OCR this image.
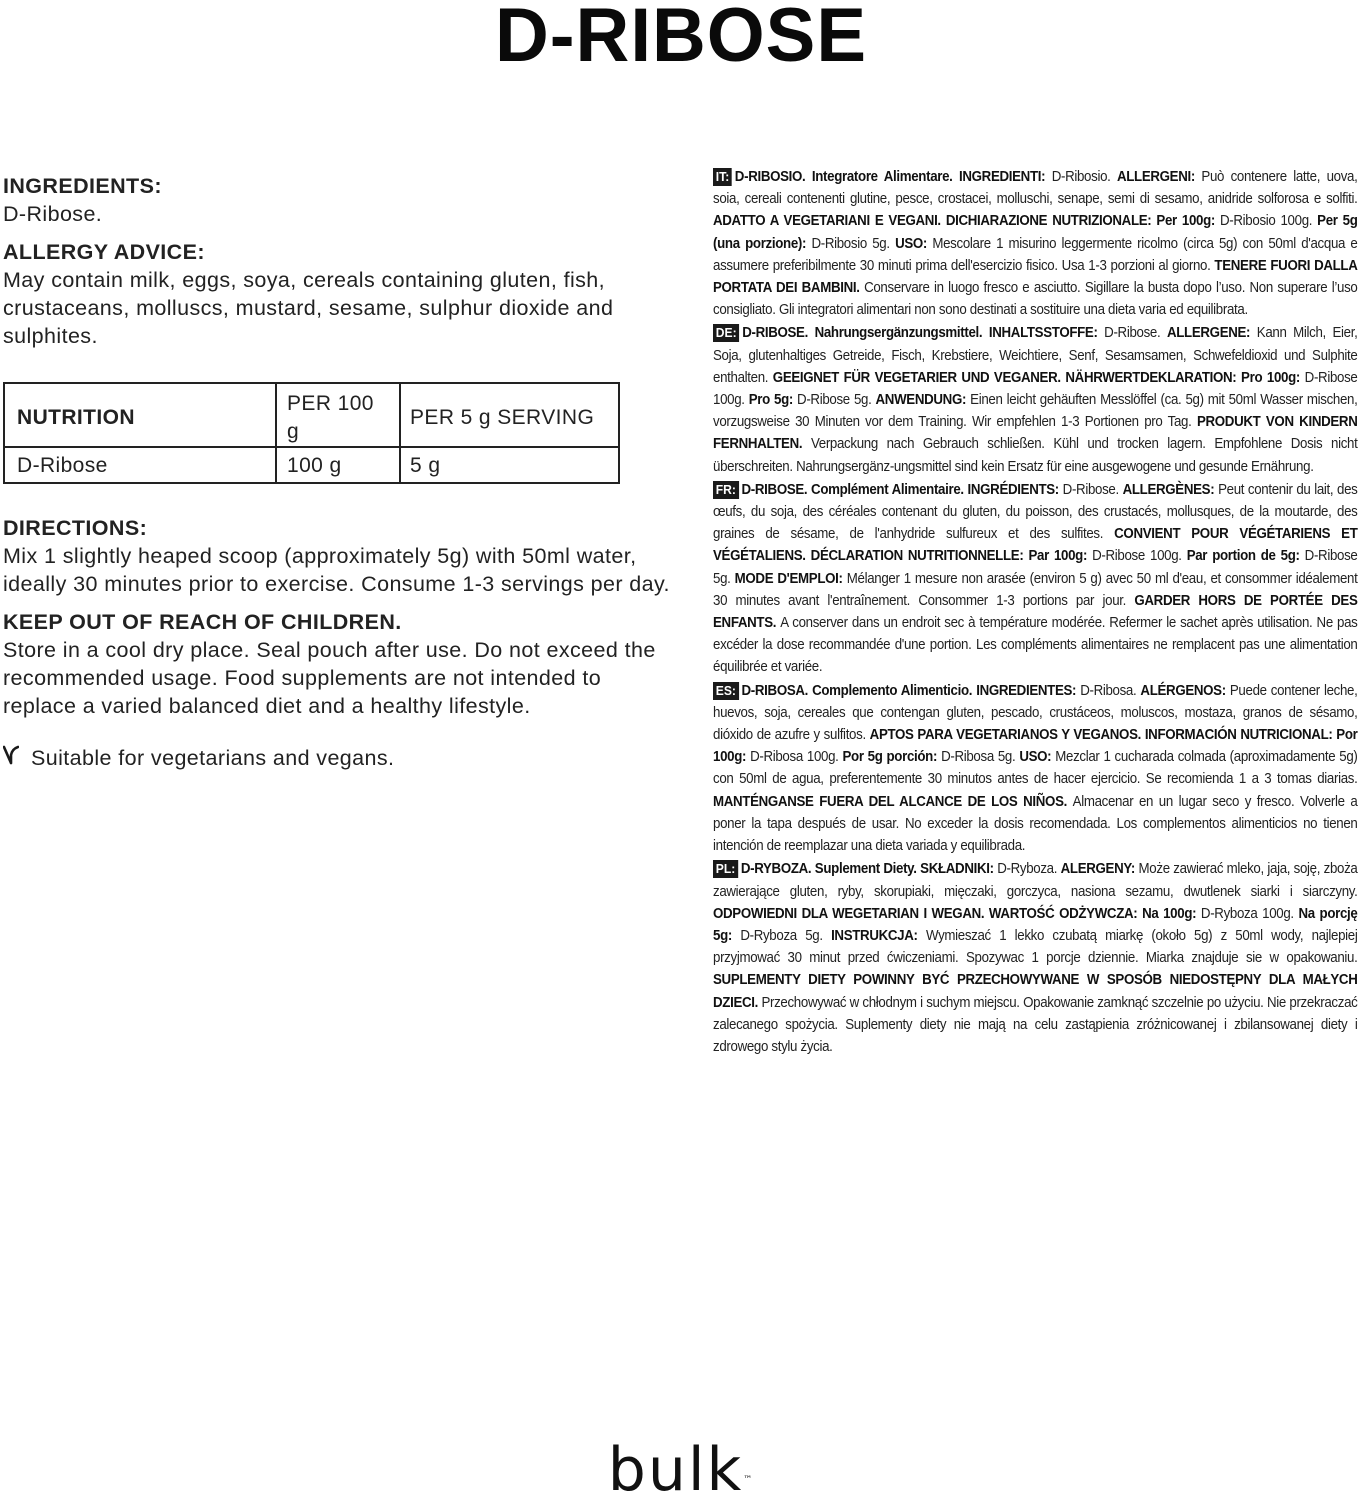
D-RIBOSE

INGREDIENTS:

D-Ribose.

ALLERGY ADVICE:

May contain milk, eggs, soya, cereals containing gluten, fish, crustaceans, molluscs, mustard, sesame, sulphur dioxide and sulphites.

NUTRITION	PER 100 g	PER 5 g SERVING
D-Ribose	100 g	5 g

DIRECTIONS:

Mix 1 slightly heaped scoop (approximately 5g) with 50ml water, ideally 30 minutes prior to exercise. Consume 1-3 servings per day.

KEEP OUT OF REACH OF CHILDREN.

Store in a cool dry place. Seal pouch after use. Do not exceed the recommended usage. Food supplements are not intended to replace a varied balanced diet and a healthy lifestyle.

Suitable for vegetarians and vegans.

IT: D-RIBOSIO. Integratore Alimentare. INGREDIENTI: D-Ribosio. ALLERGENI: Può contenere latte, uova, soia, cereali contenenti glutine, pesce, crostacei, molluschi, senape, semi di sesamo, anidride solforosa e solfiti. ADATTO A VEGETARIANI E VEGANI. DICHIARAZIONE NUTRIZIONALE: Per 100g: D-Ribosio 100g. Per 5g (una porzione): D-Ribosio 5g. USO: Mescolare 1 misurino leggermente ricolmo (circa 5g) con 50ml d'acqua e assumere preferibilmente 30 minuti prima dell'esercizio fisico. Usa 1-3 porzioni al giorno. TENERE FUORI DALLA PORTATA DEI BAMBINI. Conservare in luogo fresco e asciutto. Sigillare la busta dopo l’uso. Non superare l’uso consigliato. Gli integratori alimentari non sono destinati a sostituire una dieta varia ed equilibrata.

DE: D-RIBOSE. Nahrungsergänzungsmittel. INHALTSSTOFFE: D-Ribose. ALLERGENE: Kann Milch, Eier, Soja, glutenhaltiges Getreide, Fisch, Krebstiere, Weichtiere, Senf, Sesamsamen, Schwefeldioxid und Sulphite enthalten. GEEIGNET FÜR VEGETARIER UND VEGANER. NÄHRWERTDEKLARATION: Pro 100g: D-Ribose 100g. Pro 5g: D-Ribose 5g. ANWENDUNG: Einen leicht gehäuften Messlöffel (ca. 5g) mit 50ml Wasser mischen, vorzugsweise 30 Minuten vor dem Training. Wir empfehlen 1-3 Portionen pro Tag. PRODUKT VON KINDERN FERNHALTEN. Verpackung nach Gebrauch schließen. Kühl und trocken lagern. Empfohlene Dosis nicht überschreiten. Nahrungsergänz-ungsmittel sind kein Ersatz für eine ausgewogene und gesunde Ernährung.

FR: D-RIBOSE. Complément Alimentaire. INGRÉDIENTS: D-Ribose. ALLERGÈNES: Peut contenir du lait, des œufs, du soja, des céréales contenant du gluten, du poisson, des crustacés, mollusques, de la moutarde, des graines de sésame, de l'anhydride sulfureux et des sulfites. CONVIENT POUR VÉGÉTARIENS ET VÉGÉTALIENS. DÉCLARATION NUTRITIONNELLE: Par 100g: D-Ribose 100g. Par portion de 5g: D-Ribose 5g. MODE D'EMPLOI: Mélanger 1 mesure non arasée (environ 5 g) avec 50 ml d'eau, et consommer idéalement 30 minutes avant l'entraînement. Consommer 1-3 portions par jour. GARDER HORS DE PORTÉE DES ENFANTS. A conserver dans un endroit sec à température modérée. Refermer le sachet après utilisation. Ne pas excéder la dose recommandée d'une portion. Les compléments alimentaires ne remplacent pas une alimentation équilibrée et variée.

ES: D-RIBOSA. Complemento Alimenticio. INGREDIENTES: D-Ribosa. ALÉRGENOS: Puede contener leche, huevos, soja, cereales que contengan gluten, pescado, crustáceos, moluscos, mostaza, granos de sésamo, dióxido de azufre y sulfitos. APTOS PARA VEGETARIANOS Y VEGANOS. INFORMACIÓN NUTRICIONAL: Por 100g: D-Ribosa 100g. Por 5g porción: D-Ribosa 5g. USO: Mezclar 1 cucharada colmada (aproximadamente 5g) con 50ml de agua, preferentemente 30 minutos antes de hacer ejercicio. Se recomienda 1 a 3 tomas diarias. MANTÉNGANSE FUERA DEL ALCANCE DE LOS NIÑOS. Almacenar en un lugar seco y fresco. Volverle a poner la tapa después de usar. No exceder la dosis recomendada. Los complementos alimenticios no tienen intención de reemplazar una dieta variada y equilibrada.

PL: D-RYBOZA. Suplement Diety. SKŁADNIKI: D-Ryboza. ALERGENY: Może zawierać mleko, jaja, soję, zboża zawierające gluten, ryby, skorupiaki, mięczaki, gorczyca, nasiona sezamu, dwutlenek siarki i siarczyny. ODPOWIEDNI DLA WEGETARIAN I WEGAN. WARTOŚĆ ODŻYWCZA: Na 100g: D-Ryboza 100g. Na porcję 5g: D-Ryboza 5g. INSTRUKCJA: Wymieszać 1 lekko czubatą miarkę (około 5g) z 50ml wody, najlepiej przyjmować 30 minut przed ćwiczeniami. Spozywac 1 porcje dziennie. Miarka znajduje sie w opakowaniu. SUPLEMENTY DIETY POWINNY BYĆ PRZECHOWYWANE W SPOSÓB NIEDOSTĘPNY DLA MAŁYCH DZIECI. Przechowywać w chłodnym i suchym miejscu. Opakowanie zamknąć szczelnie po użyciu. Nie przekraczać zalecanego spożycia. Suplementy diety nie mają na celu zastąpienia zróżnicowanej i zbilansowanej diety i zdrowego stylu życia.

bulk™
